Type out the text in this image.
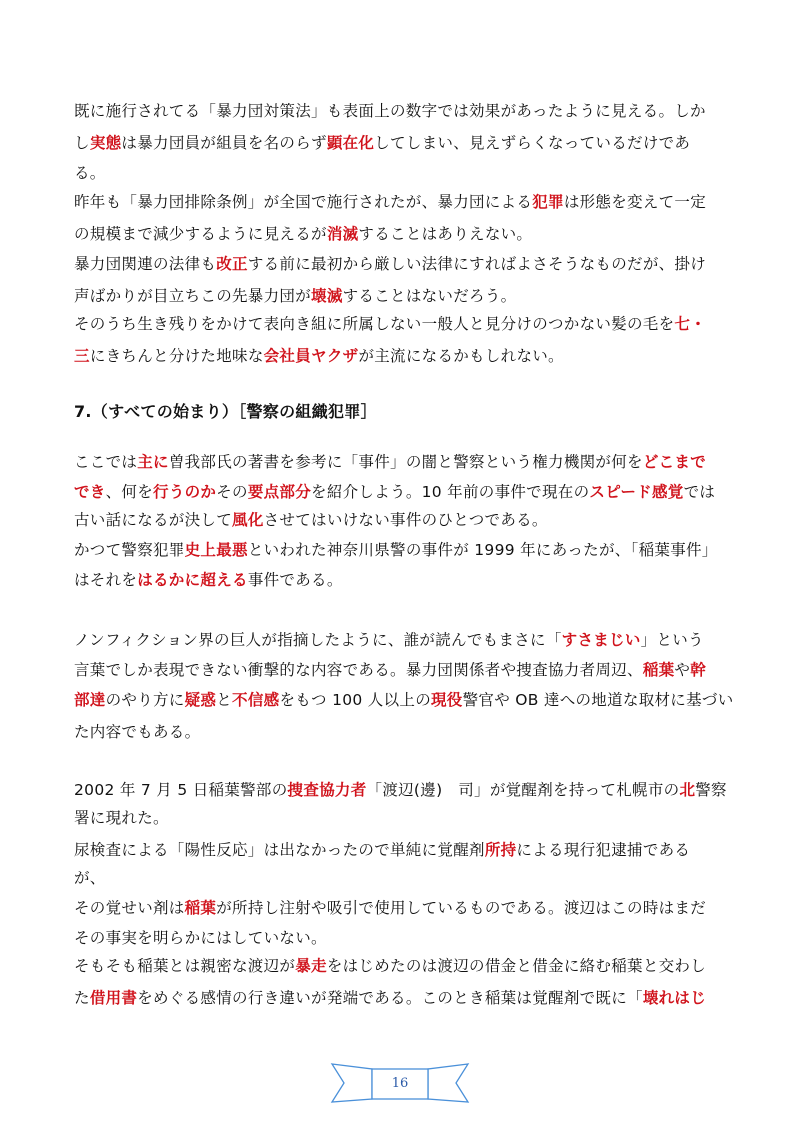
既に施行されてる「暴力団対策法」も表面上の数字では効果があったように見える。しか
し実態は暴力団員が組員を名のらず顕在化してしまい、見えずらくなっているだけであ
る。
昨年も「暴力団排除条例」が全国で施行されたが、暴力団による犯罪は形態を変えて一定
の規模まで減少するように見えるが消滅することはありえない。
暴力団関連の法律も改正する前に最初から厳しい法律にすればよさそうなものだが、掛け
声ばかりが目立ちこの先暴力団が壊滅することはないだろう。
そのうち生き残りをかけて表向き組に所属しない一般人と見分けのつかない髪の毛を七・
三にきちんと分けた地味な会社員ヤクザが主流になるかもしれない。
7.（すべての始まり）［警察の組織犯罪］
ここでは主に曽我部氏の著書を参考に「事件」の闇と警察という権力機関が何をどこまで
でき、何を行うのかその要点部分を紹介しよう。10 年前の事件で現在のスピード感覚では
古い話になるが決して風化させてはいけない事件のひとつである。
かつて警察犯罪史上最悪といわれた神奈川県警の事件が 1999 年にあったが、「稲葉事件」
はそれをはるかに超える事件である。
ノンフィクション界の巨人が指摘したように、誰が読んでもまさに「すさまじい」という
言葉でしか表現できない衝撃的な内容である。暴力団関係者や捜査協力者周辺、稲葉や幹
部達のやり方に疑惑と不信感をもつ 100 人以上の現役警官や OB 達への地道な取材に基づい
た内容でもある。
2002 年 7 月 5 日稲葉警部の捜査協力者「渡辺(邊)　司」が覚醒剤を持って札幌市の北警察
署に現れた。
尿検査による「陽性反応」は出なかったので単純に覚醒剤所持による現行犯逮捕である
が、
その覚せい剤は稲葉が所持し注射や吸引で使用しているものである。渡辺はこの時はまだ
その事実を明らかにはしていない。
そもそも稲葉とは親密な渡辺が暴走をはじめたのは渡辺の借金と借金に絡む稲葉と交わし
た借用書をめぐる感情の行き違いが発端である。このとき稲葉は覚醒剤で既に「壊れはじ
16
